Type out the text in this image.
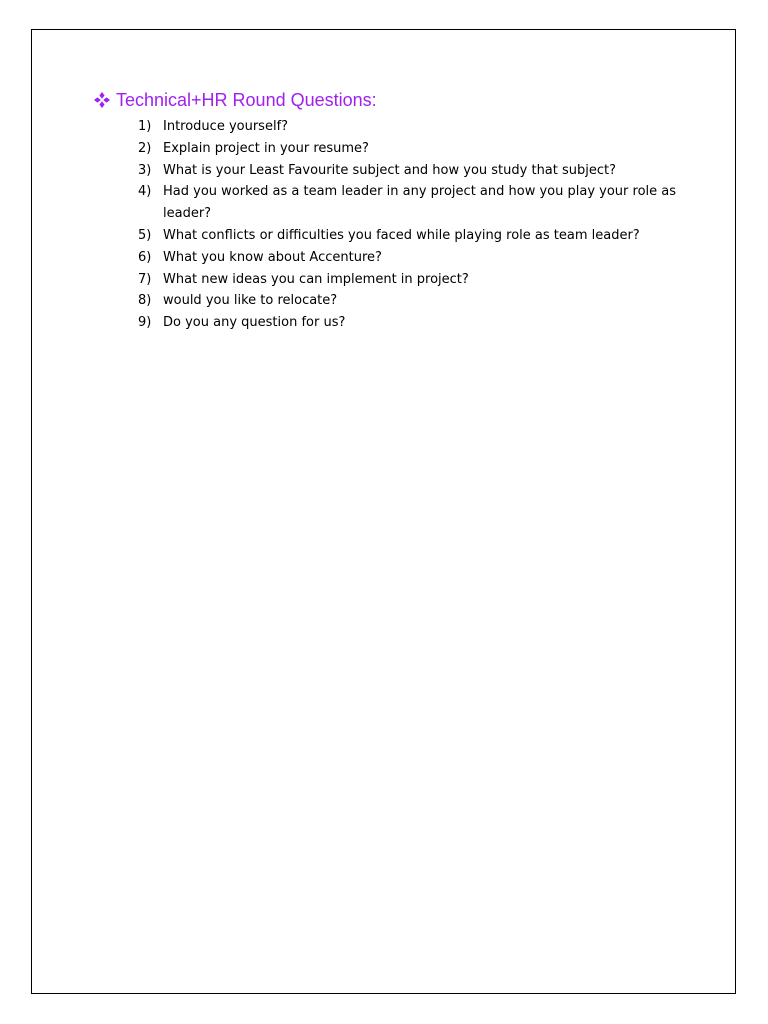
Technical+HR Round Questions:
1) Introduce yourself?
2) Explain project in your resume?
3) What is your Least Favourite subject and how you study that subject?
4) Had you worked as a team leader in any project and how you play your role as leader?
5) What conflicts or difficulties you faced while playing role as team leader?
6) What you know about Accenture?
7) What new ideas you can implement in project?
8) would you like to relocate?
9) Do you any question for us?
